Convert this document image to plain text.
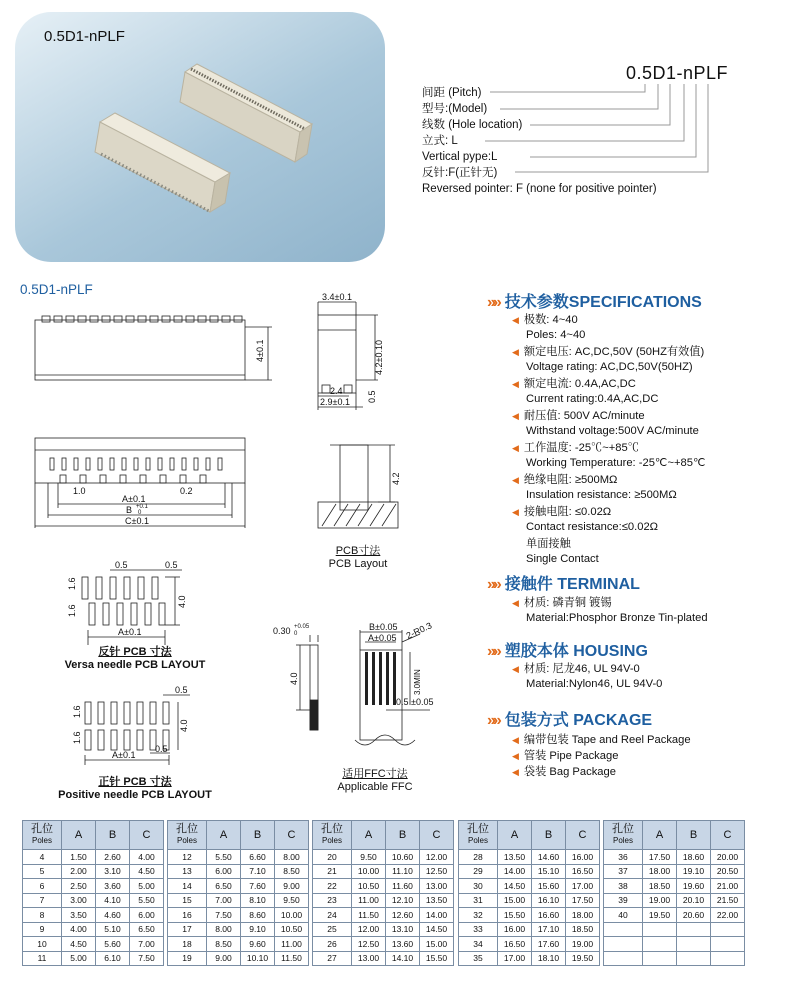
0.5D1-nPLF
0.5D1-nPLF
间距 (Pitch)
型号:(Model)
线数 (Hole location)
立式: L
Vertical pype:L
反针:F(正针无)
Reversed pointer: F (none for positive pointer)
0.5D1-nPLF
4±0.1
3.4±0.1
4.2±0.10
2.4
2.9±0.1 0.5
1.0	0.2
A±0.1
B +0.1
0
C±0.1
4.2
0.5	0.5
1.6
1.6
4.0
A±0.1
0.5
0.5
1.6
1.6
4.0
A±0.1
0.30 +0.05
0
4.0
B±0.05
A±0.05 2-R0.3
3.0MIN
0.5 ±0.05
PCB寸法
PCB Layout
反针 PCB 寸法
Versa needle PCB LAYOUT
正针 PCB 寸法
Positive needle PCB LAYOUT
适用FFC寸法
Applicable FFC
»» 技术参数SPECIFICATIONS
◀ 极数: 4~40
Poles: 4~40
◀ 额定电压: AC,DC,50V (50HZ有效值)
Voltage rating: AC,DC,50V(50HZ)
◀ 额定电流: 0.4A,AC,DC
Current rating:0.4A,AC,DC
◀ 耐压值: 500V AC/minute
Withstand voltage:500V AC/minute
◀ 工作温度: -25℃~+85℃
Working Temperature: -25℃~+85℃
◀ 绝缘电阻: ≥500MΩ
Insulation resistance: ≥500MΩ
◀ 接触电阻: ≤0.02Ω
Contact resistance:≤0.02Ω
单面接触
Single Contact
»» 接触件 TERMINAL
◀ 材质: 磷青铜 镀锡
Material:Phosphor Bronze Tin-plated
»» 塑胶本体 HOUSING
◀ 材质: 尼龙46, UL 94V-0
Material:Nylon46, UL 94V-0
»» 包装方式 PACKAGE
◀ 编带包装 Tape and Reel Package
◀ 管装 Pipe Package
◀ 袋装 Bag Package
孔位
Poles	A	B	C
4	1.50	2.60	4.00
5	2.00	3.10	4.50
6	2.50	3.60	5.00
7	3.00	4.10	5.50
8	3.50	4.60	6.00
9	4.00	5.10	6.50
10	4.50	5.60	7.00
11	5.00	6.10	7.50
孔位
Poles	A	B	C
12	5.50	6.60	8.00
13	6.00	7.10	8.50
14	6.50	7.60	9.00
15	7.00	8.10	9.50
16	7.50	8.60	10.00
17	8.00	9.10	10.50
18	8.50	9.60	11.00
19	9.00	10.10	11.50
孔位
Poles	A	B	C
20	9.50	10.60	12.00
21	10.00	11.10	12.50
22	10.50	11.60	13.00
23	11.00	12.10	13.50
24	11.50	12.60	14.00
25	12.00	13.10	14.50
26	12.50	13.60	15.00
27	13.00	14.10	15.50
孔位
Poles	A	B	C
28	13.50	14.60	16.00
29	14.00	15.10	16.50
30	14.50	15.60	17.00
31	15.00	16.10	17.50
32	15.50	16.60	18.00
33	16.00	17.10	18.50
34	16.50	17.60	19.00
35	17.00	18.10	19.50
孔位
Poles	A	B	C
36	17.50	18.60	20.00
37	18.00	19.10	20.50
38	18.50	19.60	21.00
39	19.00	20.10	21.50
40	19.50	20.60	22.00
